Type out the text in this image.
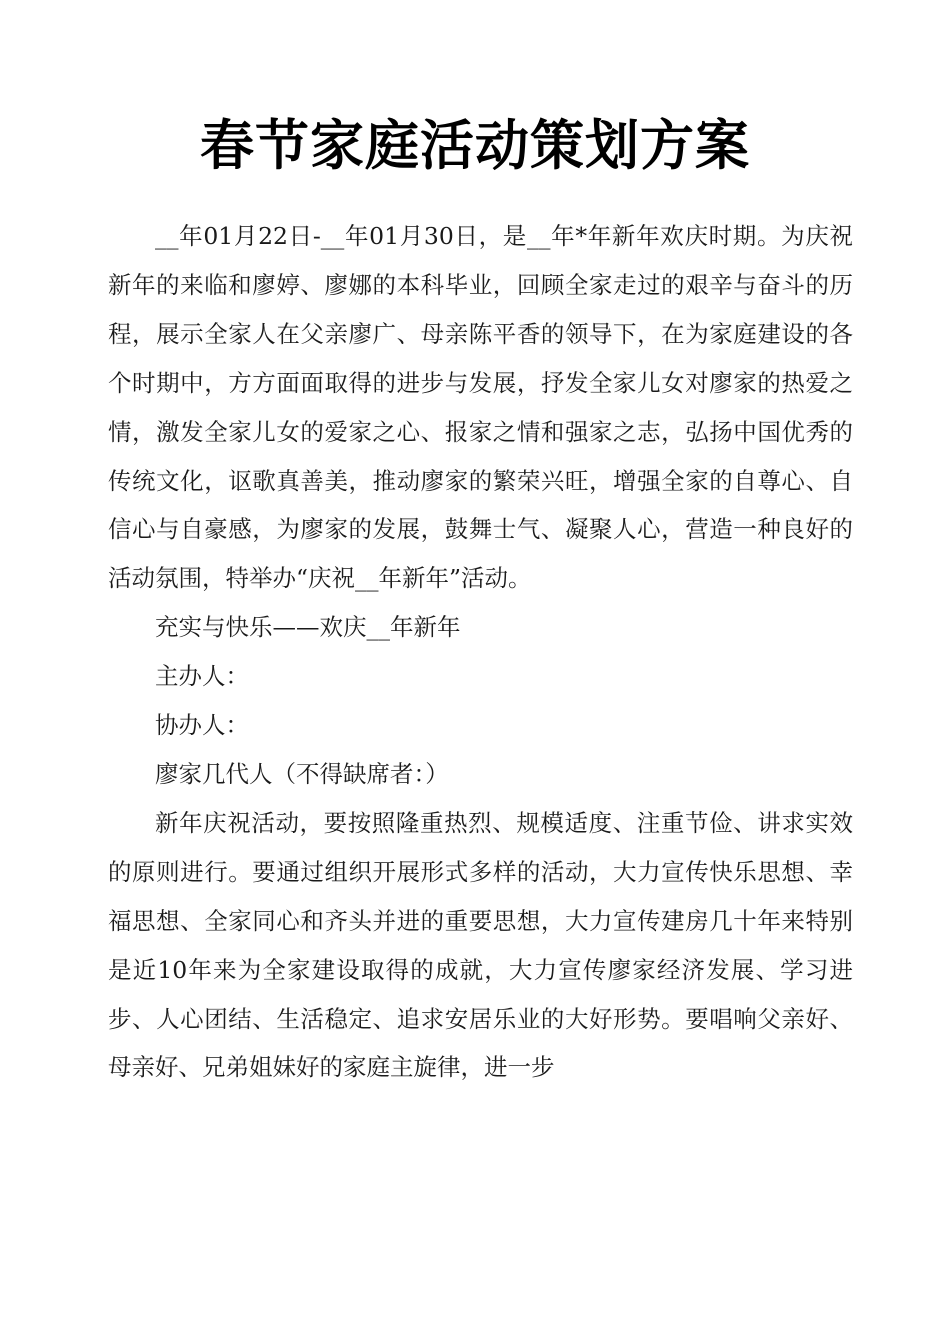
春节家庭活动策划方案

__年01月22日-__年01月30日，是__年*年新年欢庆时期。为庆祝新年的来临和廖婷、廖娜的本科毕业，回顾全家走过的艰辛与奋斗的历程，展示全家人在父亲廖广、母亲陈平香的领导下，在为家庭建设的各个时期中，方方面面取得的进步与发展，抒发全家儿女对廖家的热爱之情，激发全家儿女的爱家之心、报家之情和强家之志，弘扬中国优秀的传统文化，讴歌真善美，推动廖家的繁荣兴旺，增强全家的自尊心、自信心与自豪感，为廖家的发展，鼓舞士气、凝聚人心，营造一种良好的活动氛围，特举办“庆祝__年新年”活动。

充实与快乐——欢庆__年新年

主办人：

协办人：

廖家几代人（不得缺席者：）

新年庆祝活动，要按照隆重热烈、规模适度、注重节俭、讲求实效的原则进行。要通过组织开展形式多样的活动，大力宣传快乐思想、幸福思想、全家同心和齐头并进的重要思想，大力宣传建房几十年来特别是近10年来为全家建设取得的成就，大力宣传廖家经济发展、学习进步、人心团结、生活稳定、追求安居乐业的大好形势。要唱响父亲好、母亲好、兄弟姐妹好的家庭主旋律，进一步
